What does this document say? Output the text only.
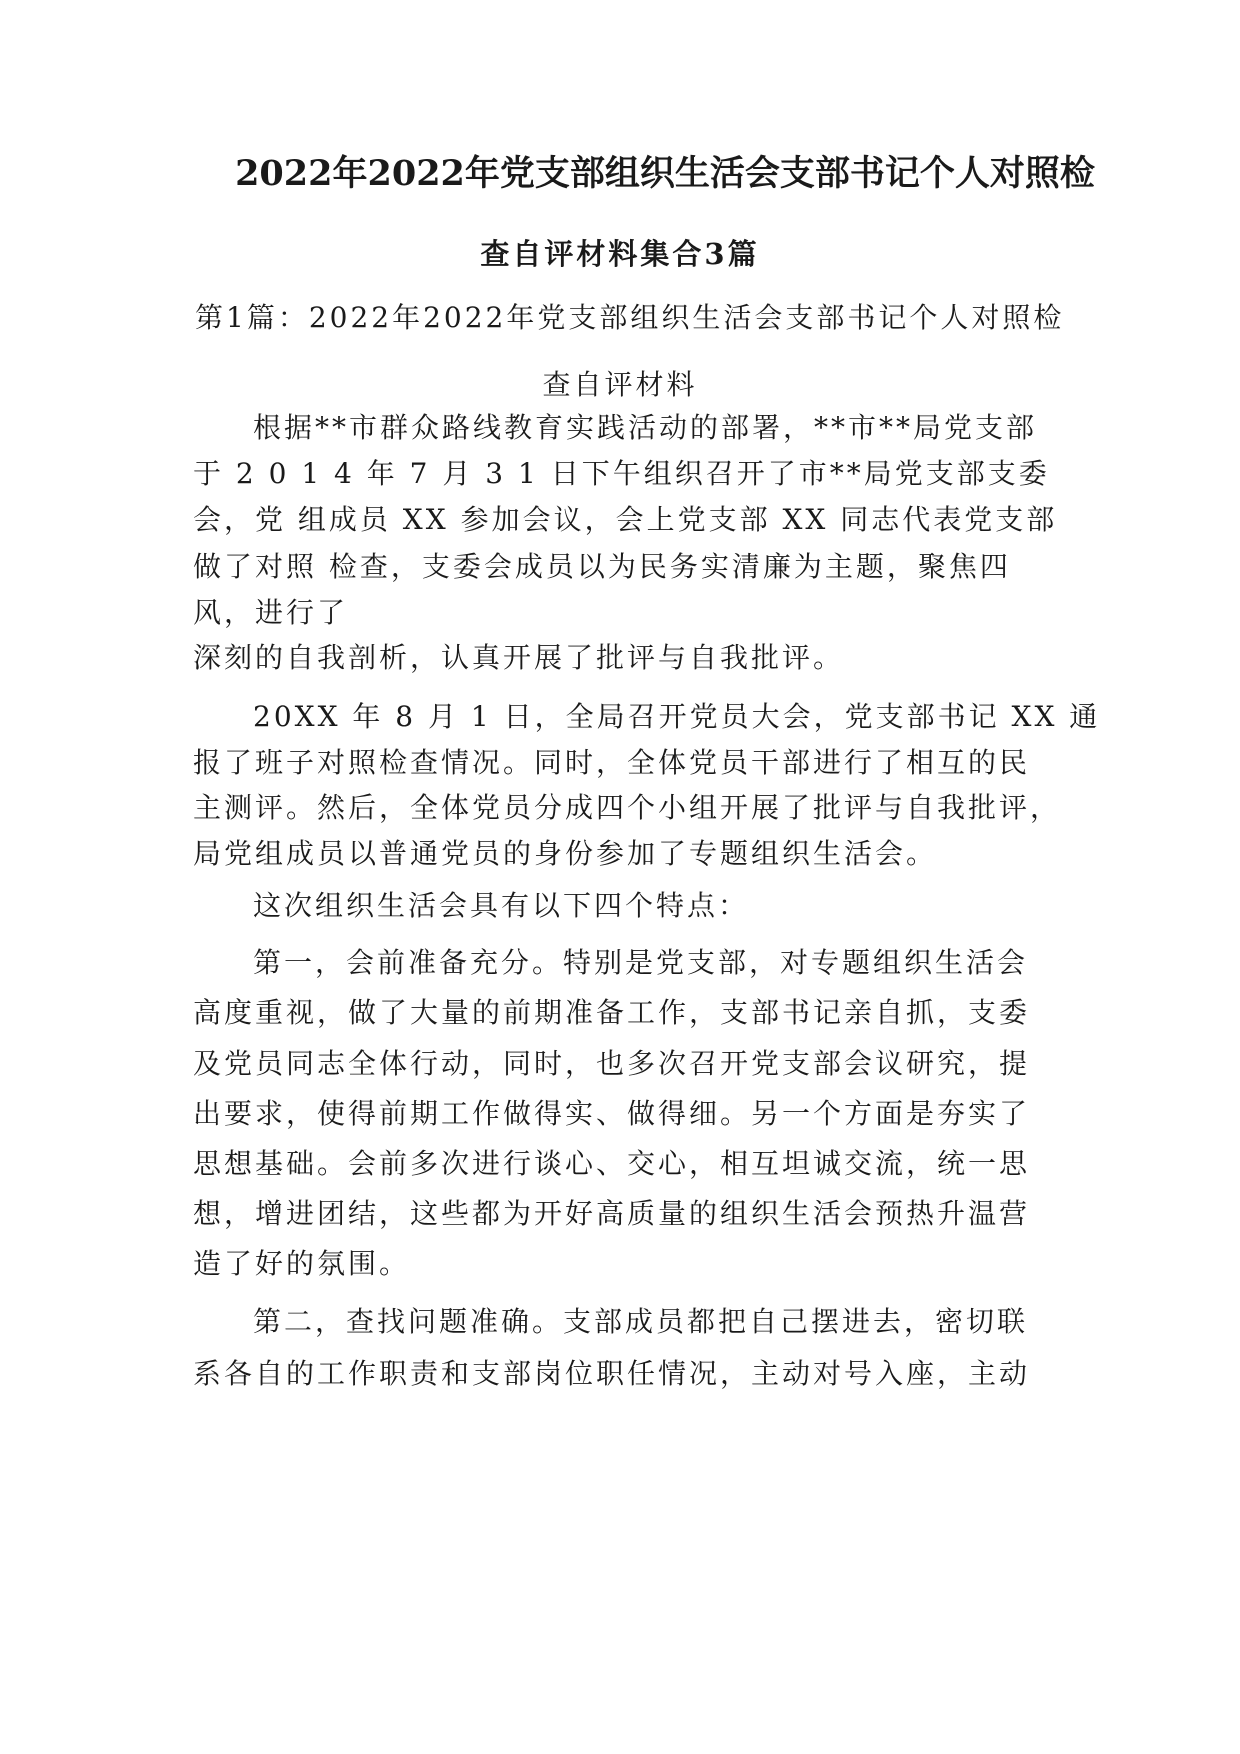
2022年2022年党支部组织生活会支部书记个人对照检
查自评材料集合3篇
第1篇：2022年2022年党支部组织生活会支部书记个人对照检
查自评材料
根据**市群众路线教育实践活动的部署，**市**局党支部
于 2 0 1 4 年 7 月 3 1 日下午组织召开了市**局党支部支委
会，党 组成员 XX 参加会议，会上党支部 XX 同志代表党支部
做了对照 检查，支委会成员以为民务实清廉为主题，聚焦四
风，进行了
深刻的自我剖析，认真开展了批评与自我批评。
20XX 年 8 月 1 日，全局召开党员大会，党支部书记 XX 通
报了班子对照检查情况。同时，全体党员干部进行了相互的民
主测评。然后，全体党员分成四个小组开展了批评与自我批评，
局党组成员以普通党员的身份参加了专题组织生活会。
这次组织生活会具有以下四个特点：
第一，会前准备充分。特别是党支部，对专题组织生活会
高度重视，做了大量的前期准备工作，支部书记亲自抓，支委
及党员同志全体行动，同时，也多次召开党支部会议研究，提
出要求，使得前期工作做得实、做得细。另一个方面是夯实了
思想基础。会前多次进行谈心、交心，相互坦诚交流，统一思
想，增进团结，这些都为开好高质量的组织生活会预热升温营
造了好的氛围。
第二，查找问题准确。支部成员都把自己摆进去，密切联
系各自的工作职责和支部岗位职任情况，主动对号入座，主动
